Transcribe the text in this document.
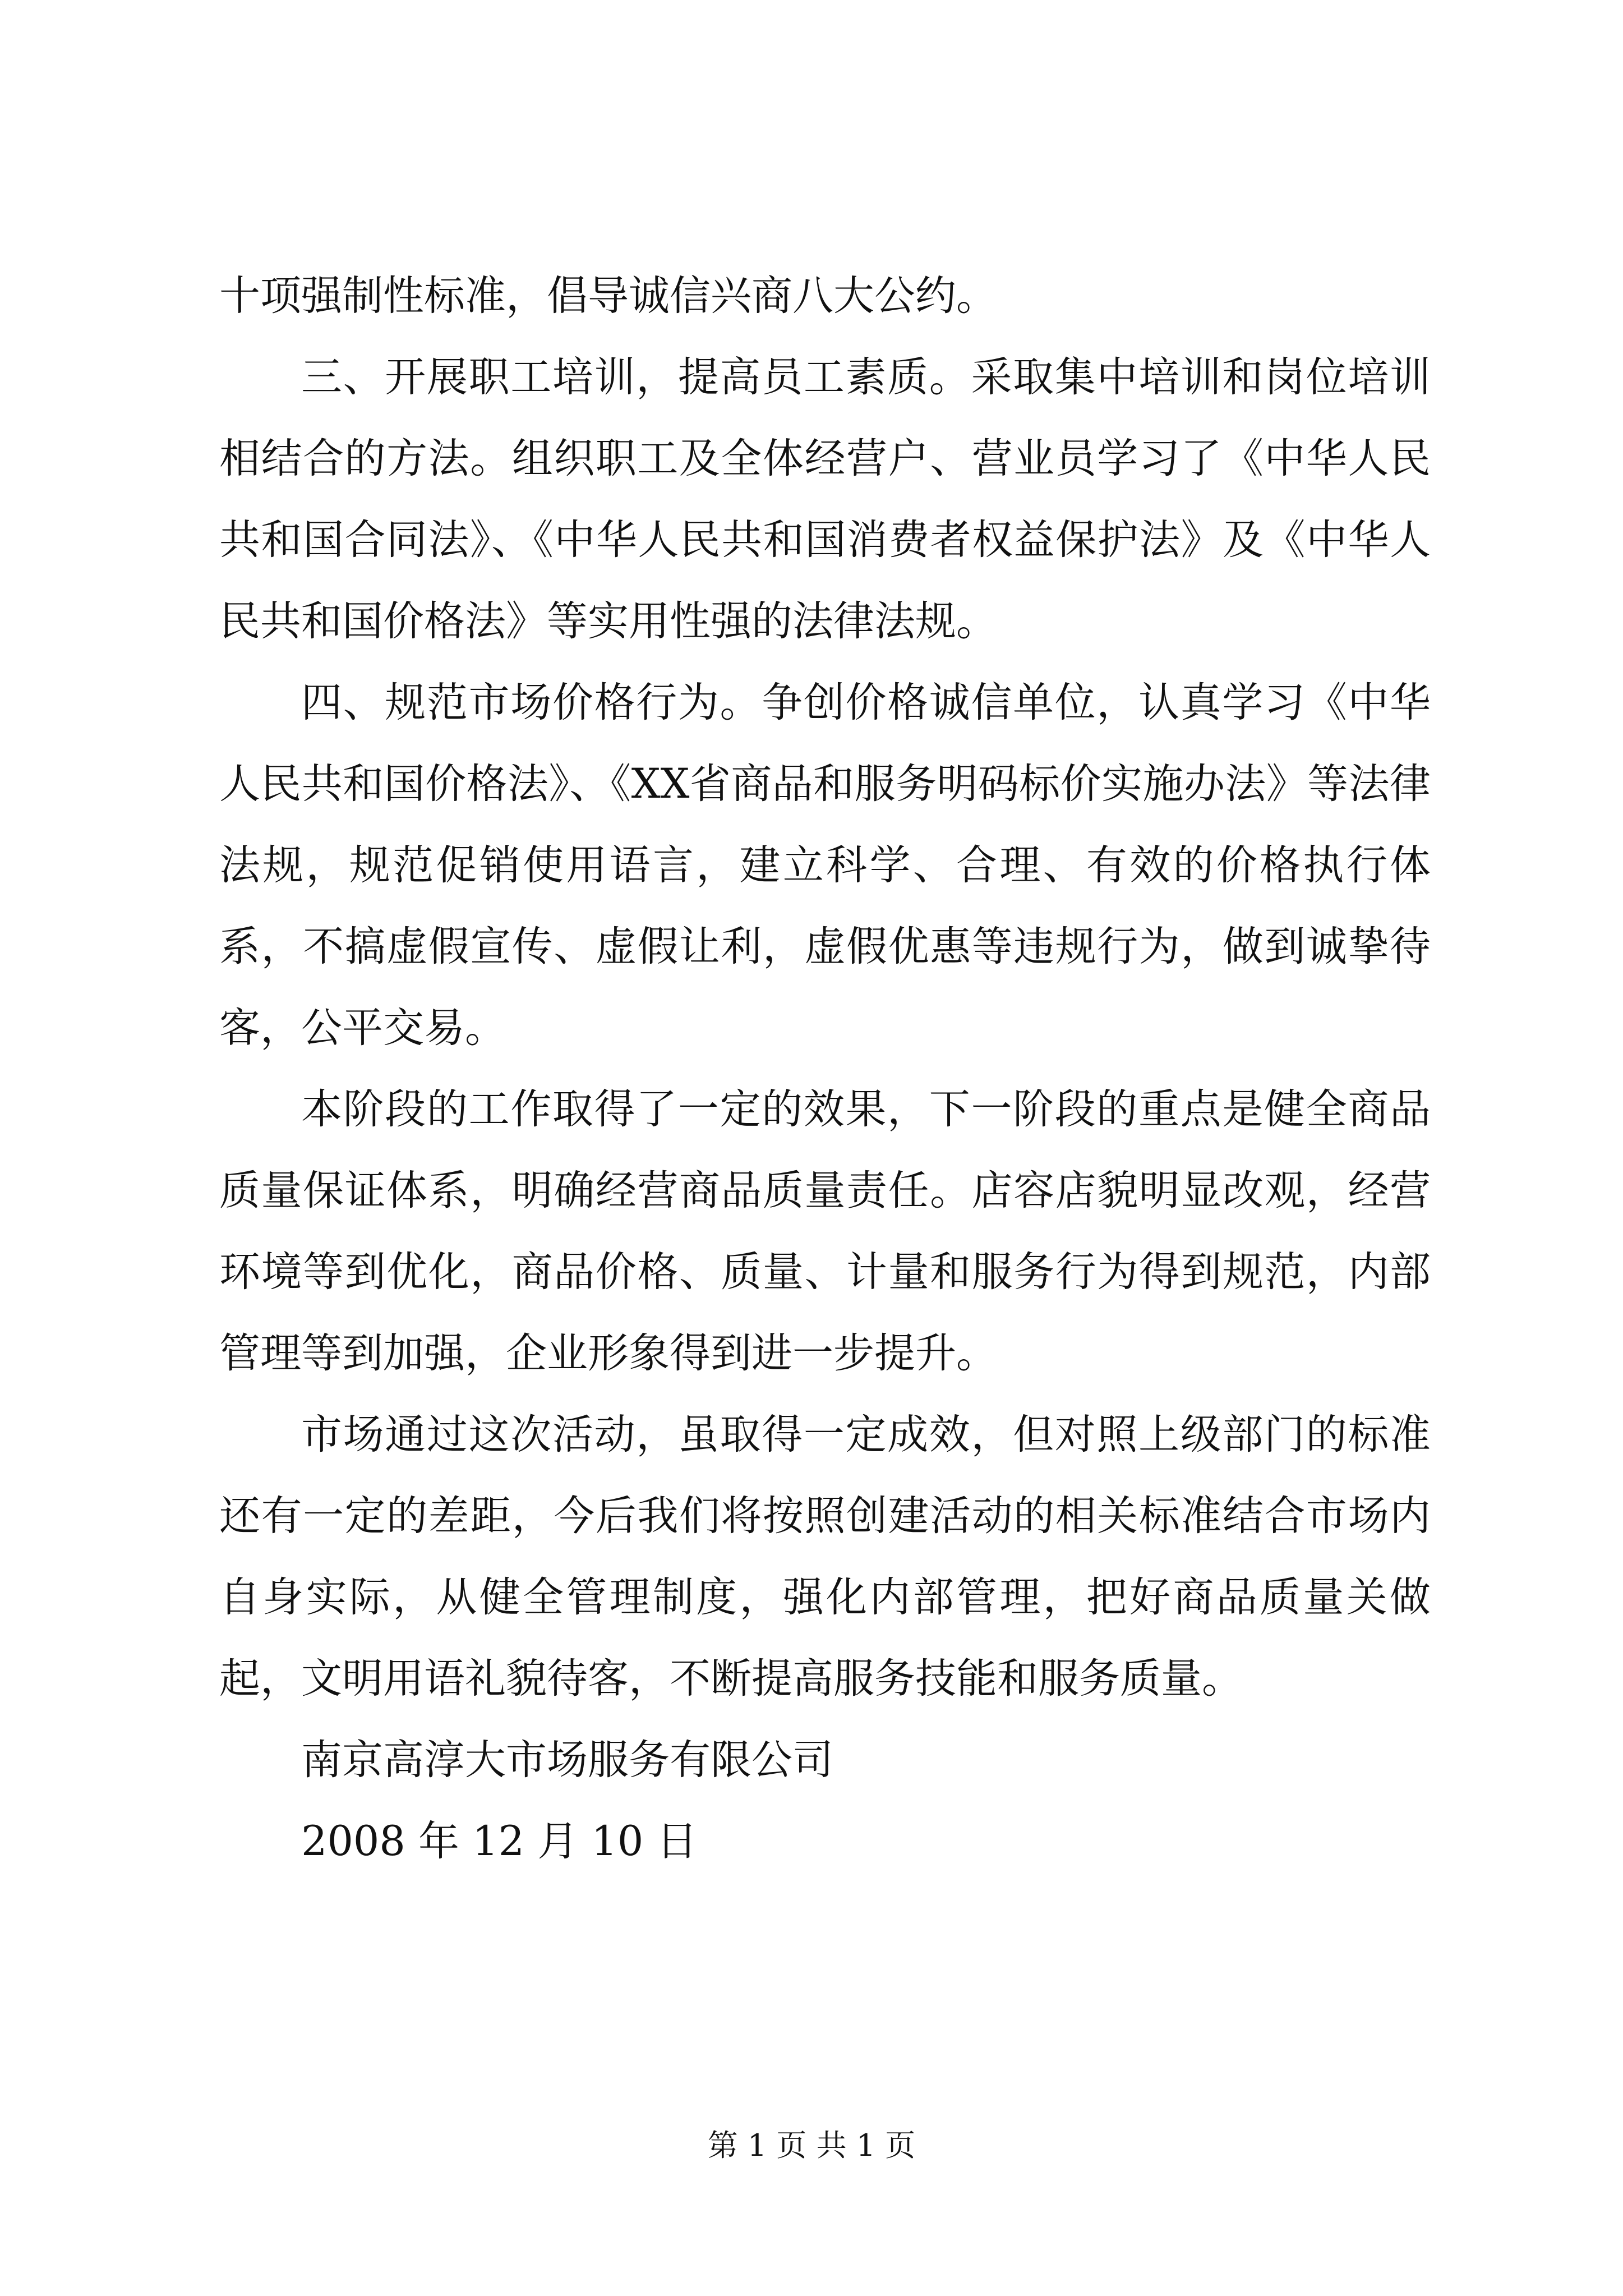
十项强制性标准，倡导诚信兴商八大公约。

三、开展职工培训，提高员工素质。采取集中培训和岗位培训相结合的方法。组织职工及全体经营户、营业员学习了《中华人民共和国合同法》、《中华人民共和国消费者权益保护法》及《中华人民共和国价格法》等实用性强的法律法规。

四、规范市场价格行为。争创价格诚信单位，认真学习《中华人民共和国价格法》、《XX省商品和服务明码标价实施办法》等法律法规，规范促销使用语言，建立科学、合理、有效的价格执行体系，不搞虚假宣传、虚假让利，虚假优惠等违规行为，做到诚挚待客，公平交易。

本阶段的工作取得了一定的效果，下一阶段的重点是健全商品质量保证体系，明确经营商品质量责任。店容店貌明显改观，经营环境等到优化，商品价格、质量、计量和服务行为得到规范，内部管理等到加强，企业形象得到进一步提升。

市场通过这次活动，虽取得一定成效，但对照上级部门的标准还有一定的差距，今后我们将按照创建活动的相关标准结合市场内自身实际，从健全管理制度，强化内部管理，把好商品质量关做起，文明用语礼貌待客，不断提高服务技能和服务质量。

南京高淳大市场服务有限公司

2008 年 12 月 10 日

第 1 页 共 1 页
